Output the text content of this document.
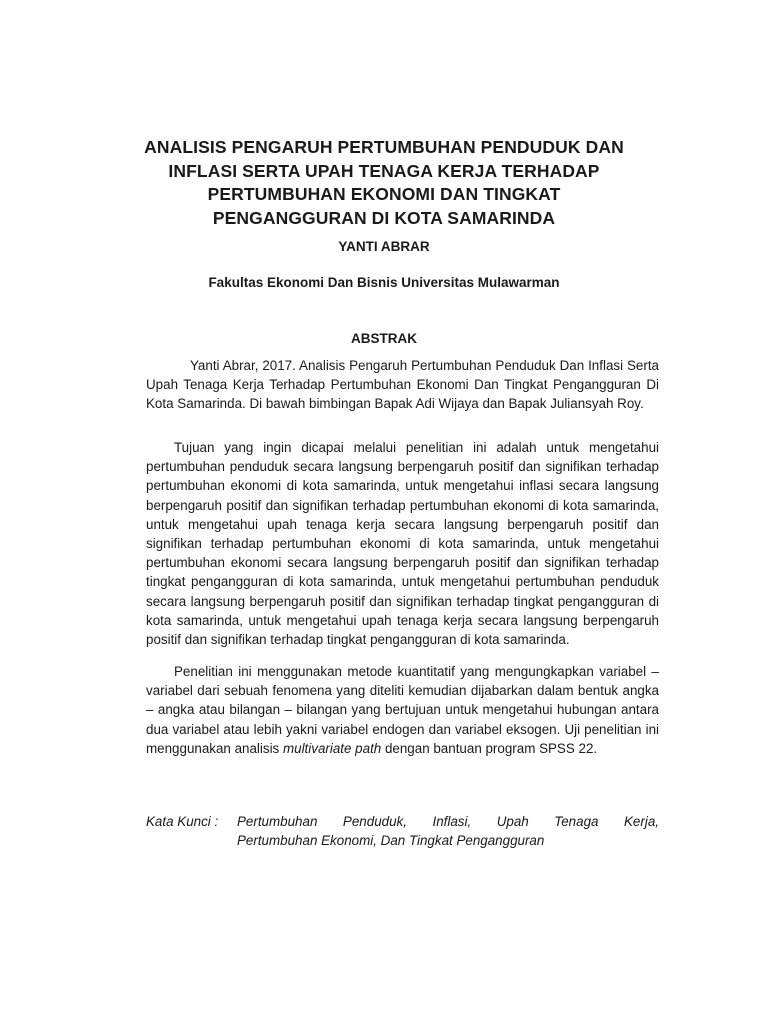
ANALISIS PENGARUH PERTUMBUHAN PENDUDUK DAN
INFLASI SERTA UPAH TENAGA KERJA TERHADAP
PERTUMBUHAN EKONOMI DAN TINGKAT
PENGANGGURAN DI KOTA SAMARINDA
YANTI ABRAR
Fakultas Ekonomi Dan Bisnis Universitas Mulawarman
ABSTRAK
Yanti Abrar, 2017. Analisis Pengaruh Pertumbuhan Penduduk Dan Inflasi Serta Upah Tenaga Kerja Terhadap Pertumbuhan Ekonomi Dan Tingkat Pengangguran Di Kota Samarinda. Di bawah bimbingan Bapak Adi Wijaya dan Bapak Juliansyah Roy.
Tujuan yang ingin dicapai melalui penelitian ini adalah untuk mengetahui pertumbuhan penduduk secara langsung berpengaruh positif dan signifikan terhadap pertumbuhan ekonomi di kota samarinda, untuk mengetahui inflasi secara langsung berpengaruh positif dan signifikan terhadap pertumbuhan ekonomi di kota samarinda, untuk mengetahui upah tenaga kerja secara langsung berpengaruh positif dan signifikan terhadap pertumbuhan ekonomi di kota samarinda, untuk mengetahui pertumbuhan ekonomi secara langsung berpengaruh positif dan signifikan terhadap tingkat pengangguran di kota samarinda, untuk mengetahui pertumbuhan penduduk secara langsung berpengaruh positif dan signifikan terhadap tingkat pengangguran di kota samarinda, untuk mengetahui upah tenaga kerja secara langsung berpengaruh positif dan signifikan terhadap tingkat pengangguran di kota samarinda.
Penelitian ini menggunakan metode kuantitatif yang mengungkapkan variabel – variabel dari sebuah fenomena yang diteliti kemudian dijabarkan dalam bentuk angka – angka atau bilangan – bilangan yang bertujuan untuk mengetahui hubungan antara dua variabel atau lebih yakni variabel endogen dan variabel eksogen. Uji penelitian ini menggunakan analisis multivariate path dengan bantuan program SPSS 22.
Kata Kunci :	Pertumbuhan Penduduk, Inflasi, Upah Tenaga Kerja,
Pertumbuhan Ekonomi, Dan Tingkat Pengangguran
